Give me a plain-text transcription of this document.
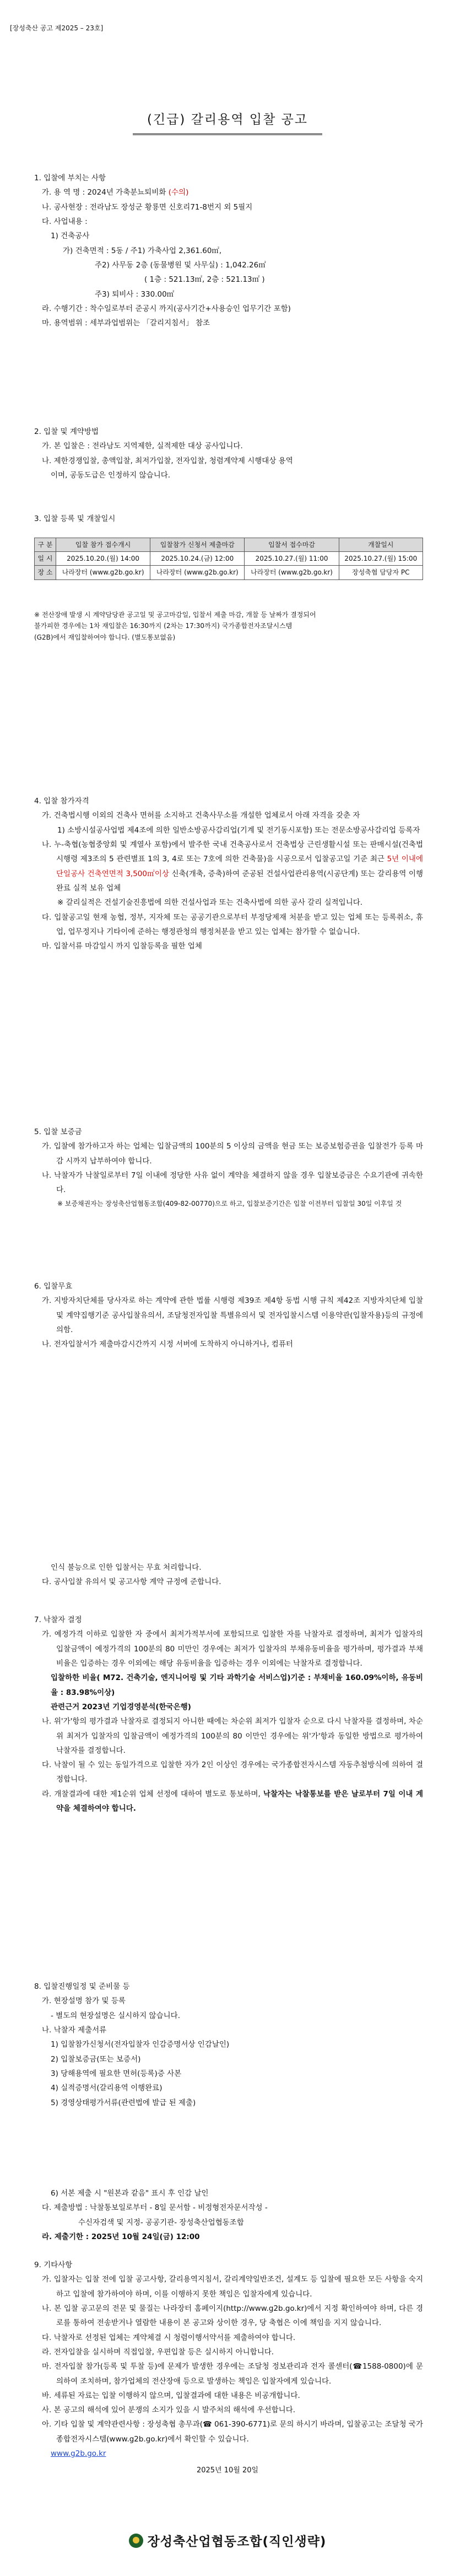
[장성축산 공고 제2025 – 23호]
(긴급) 갈리용역 입찰 공고
1. 입찰에 부치는 사항
가. 용 역 명 : 2024년 가축분뇨퇴비화 (수의)
나. 공사현장 : 전라남도 장성군 황룡면 신호리71-8번지 외 5필지
다. 사업내용 :
1) 건축공사
가) 건축면적 : 5동 / 주1) 가축사업 2,361.60㎡,
주2) 사무동 2층 (동물병원 및 사무실) : 1,042.26㎡
( 1층 : 521.13㎡, 2층 : 521.13㎡ )
주3) 퇴비사 : 330.00㎡
라. 수행기간 : 착수일로부터 준공시 까지(공사기간+사용승인 업무기간 포함)
마. 용역범위 : 세부과업범위는 「갈리지침서」 참조
2. 입찰 및 계약방법
가. 본 입찰은 : 전라남도 지역제한, 실적제한 대상 공사입니다.
나. 제한경쟁입찰, 총액입찰, 최저가입찰, 전자입찰, 청렴계약제 시행대상 용역
이며, 공동도급은 인정하지 않습니다.
3. 입찰 등록 및 개찰일시
구 분	입찰 참가 접수개시	입찰참가 신청서 제출마감	입찰서 접수마감	개찰일시
일 시	2025.10.20.(월) 14:00	2025.10.24.(금) 12:00	2025.10.27.(월) 11:00	2025.10.27.(월) 15:00
장 소	나라장터 (www.g2b.go.kr)	나라장터 (www.g2b.go.kr)	나라장터 (www.g2b.go.kr)	장성축협 담당자 PC
※ 전산장애 발생 시 계약담당관 공고일 및 공고마감일, 입찰서 제출 마감, 개찰 등 날짜가 결정되어
불가피한 경우에는 1차 재입찰은 16:30까지 (2차는 17:30까지) 국가종합전자조달시스템
(G2B)에서 재입찰하여야 합니다. (별도통보없음)
4. 입찰 참가자격
가. 건축법시행 이외의 건축사 면허를 소지하고 건축사무소를 개설한 업체로서 아래 자격을 갖춘 자
1) 소방시설공사업법 제4조에 의한 일반소방공사감리업(기계 및 전기동시포함) 또는 전문소방공사감리업 등록자
나. 누-축협(농협중앙회 및 계열사 포함)에서 발주한 국내 건축공사로서 건축법상 근린생활시설 또는 판매시설(건축법시행령 제3조의 5 관련별표 1의 3, 4로 또는 7호에 의한 건축물)을 시공으로서 입찰공고일 기준 최근 5년 이내에 단일공사 건축연면적 3,500㎡이상 신축(개축, 증축)하여 준공된 건설사업관리용역(시공단계) 또는 갈리용역 이행 완료 실적 보유 업체
※ 갈리실적은 건설기술진흥법에 의한 건설사업과 또는 건축사법에 의한 공사 갈리 실적입니다.
다. 입찰공고일 현재 농협, 정부, 지자체 또는 공공기관으로부터 부정당제재 처분을 받고 있는 업체 또는 등록취소, 휴업, 업무정지나 기타이에 준하는 행정관청의 행정처분을 받고 있는 업체는 참가할 수 없습니다.
마. 입찰서류 마감일시 까지 입찰등록을 필한 업체
5. 입찰 보증금
가. 입찰에 참가하고자 하는 업체는 입찰금액의 100분의 5 이상의 금액을 현금 또는 보증보험증권을 입찰전가 등록 마감 시까지 납부하여야 합니다.
나. 낙찰자가 낙찰일로부터 7일 이내에 정당한 사유 없이 계약을 체결하지 않을 경우 입찰보증금은 수요기관에 귀속한다.
※ 보증채권자는 장성축산업협동조합(409-82-00770)으로 하고, 입찰보증기간은 입찰 이전부터 입찰일 30일 이후일 것
6. 입찰무효
가. 지방자치단체를 당사자로 하는 계약에 관한 법률 시행령 제39조 제4항 동법 시행 규칙 제42조 지방자치단체 입찰 및 계약집행기준 공사입찰유의서, 조달청전자입찰 특별유의서 및 전자입찰시스템 이용약관(입찰자용)등의 규정에 의함.
나. 전자입찰서가 제출마감시간까지 시정 서버에 도착하지 아니하거나, 컴퓨터
인식 불능으로 인한 입찰서는 무효 처리합니다.
다. 공사입찰 유의서 및 공고사항 계약 규정에 준합니다.
7. 낙찰자 결정
가. 예정가격 이하로 입찰한 자 중에서 최저가적부서에 포함되므로 입찰한 자를 낙찰자로 결정하며, 최저가 입찰자의 입찰금액이 예정가격의 100분의 80 미만인 경우에는 최저가 입찰자의 부채유동비율을 평가하며, 평가결과 부채비율은 입증하는 경우 이외에는 해당 유동비율을 입증하는 경우 이외에는 낙찰자로 결정합니다.
입찰하한 비율( M72. 건축기술, 엔지니어링 및 기타 과학기술 서비스업)기준 : 부채비율 160.09%이하, 유동비율 : 83.98%이상)
관련근거 2023년 기업경영분석(한국은행)
나. 위'가'항의 평가결과 낙찰자로 결정되지 아니한 때에는 차순위 최저가 입찰자 순으로 다시 낙찰자를 결정하며, 차순위 최저가 입찰자의 입찰금액이 예정가격의 100분의 80 이만인 경우에는 위'가'항과 동일한 방법으로 평가하여 낙찰자를 결정합니다.
다. 낙찰이 될 수 있는 동일가격으로 입찰한 자가 2인 이상인 경우에는 국가종합전자시스템 자동추첨방식에 의하여 결정합니다.
라. 개찰결과에 대한 제1순위 업체 선정에 대하여 별도로 통보하며, 낙찰자는 낙찰통보를 받은 날로부터 7일 이내 계약을 체결하여야 합니다.
8. 입찰진행일정 및 준비물 등
가. 현장설명 참가 및 등록
- 별도의 현장설명은 실시하지 않습니다.
나. 낙찰자 제출서류
1) 입찰참가신청서(전자입찰자 인감증명서상 인감날인)
2) 입찰보증금(또는 보증서)
3) 당해용역에 필요한 면허(등록)증 사본
4) 실적증명서(갈리용역 이행완료)
5) 경영상태평가서류(관련법에 발급 된 제출)
6) 서본 제출 시 "원본과 같음" 표시 후 인감 날인
다. 제출방법 : 낙찰통보일로부터 - 8일 문서함 - 비정형전자문서작성 -
수신자검색 및 지정- 공공기관- 장성축산업협동조합
라. 제출기한 : 2025년 10월 24일(금) 12:00
9. 기타사항
가. 입찰자는 입찰 전에 입찰 공고사항, 갈리용역지침서, 갈리계약일반조건, 설계도 등 입찰에 필요한 모든 사항을 숙지하고 입찰에 참가하여야 하며, 이를 이행하지 못한 책임은 입찰자에게 있습니다.
나. 본 입찰 공고문의 전문 및 물질는 나라장터 홈페이지(http://www.g2b.go.kr)에서 지정 확인하여야 하며, 다른 경로를 통하여 전송받거나 열람한 내용이 본 공고와 상이한 경우, 당 축협은 이에 책임을 지지 않습니다.
다. 낙찰자로 선정된 업체는 계약체결 시 청렴이행서약서를 제출하여야 합니다.
라. 전자입찰을 실시하며 직접입찰, 우편입찰 등은 실시하지 아니합니다.
마. 전자입찰 참가(등록 및 투찰 등)에 문제가 발생한 경우에는 조달청 정보관리과 전자 콜센터(☎1588-0800)에 문의하여 조치하며, 참가업체의 전산장애 등으로 발생하는 책임은 입찰자에게 있습니다.
바. 세류된 자료는 입찰 이행하지 않으며, 입찰결과에 대한 내용은 비공개합니다.
사. 본 공고의 해석에 있어 분쟁의 소지가 있을 시 발주처의 해석에 우선합니다.
아. 기타 입찰 및 계약관련사항 : 장성축협 총무과(☎ 061-390-6771)로 문의 하시기 바라며, 입찰공고는 조달청 국가종합전자시스템(www.g2b.go.kr)에서 확인할 수 있습니다.
www.g2b.go.kr
2025년 10월 20일
장성축산업협동조합(직인생략)
